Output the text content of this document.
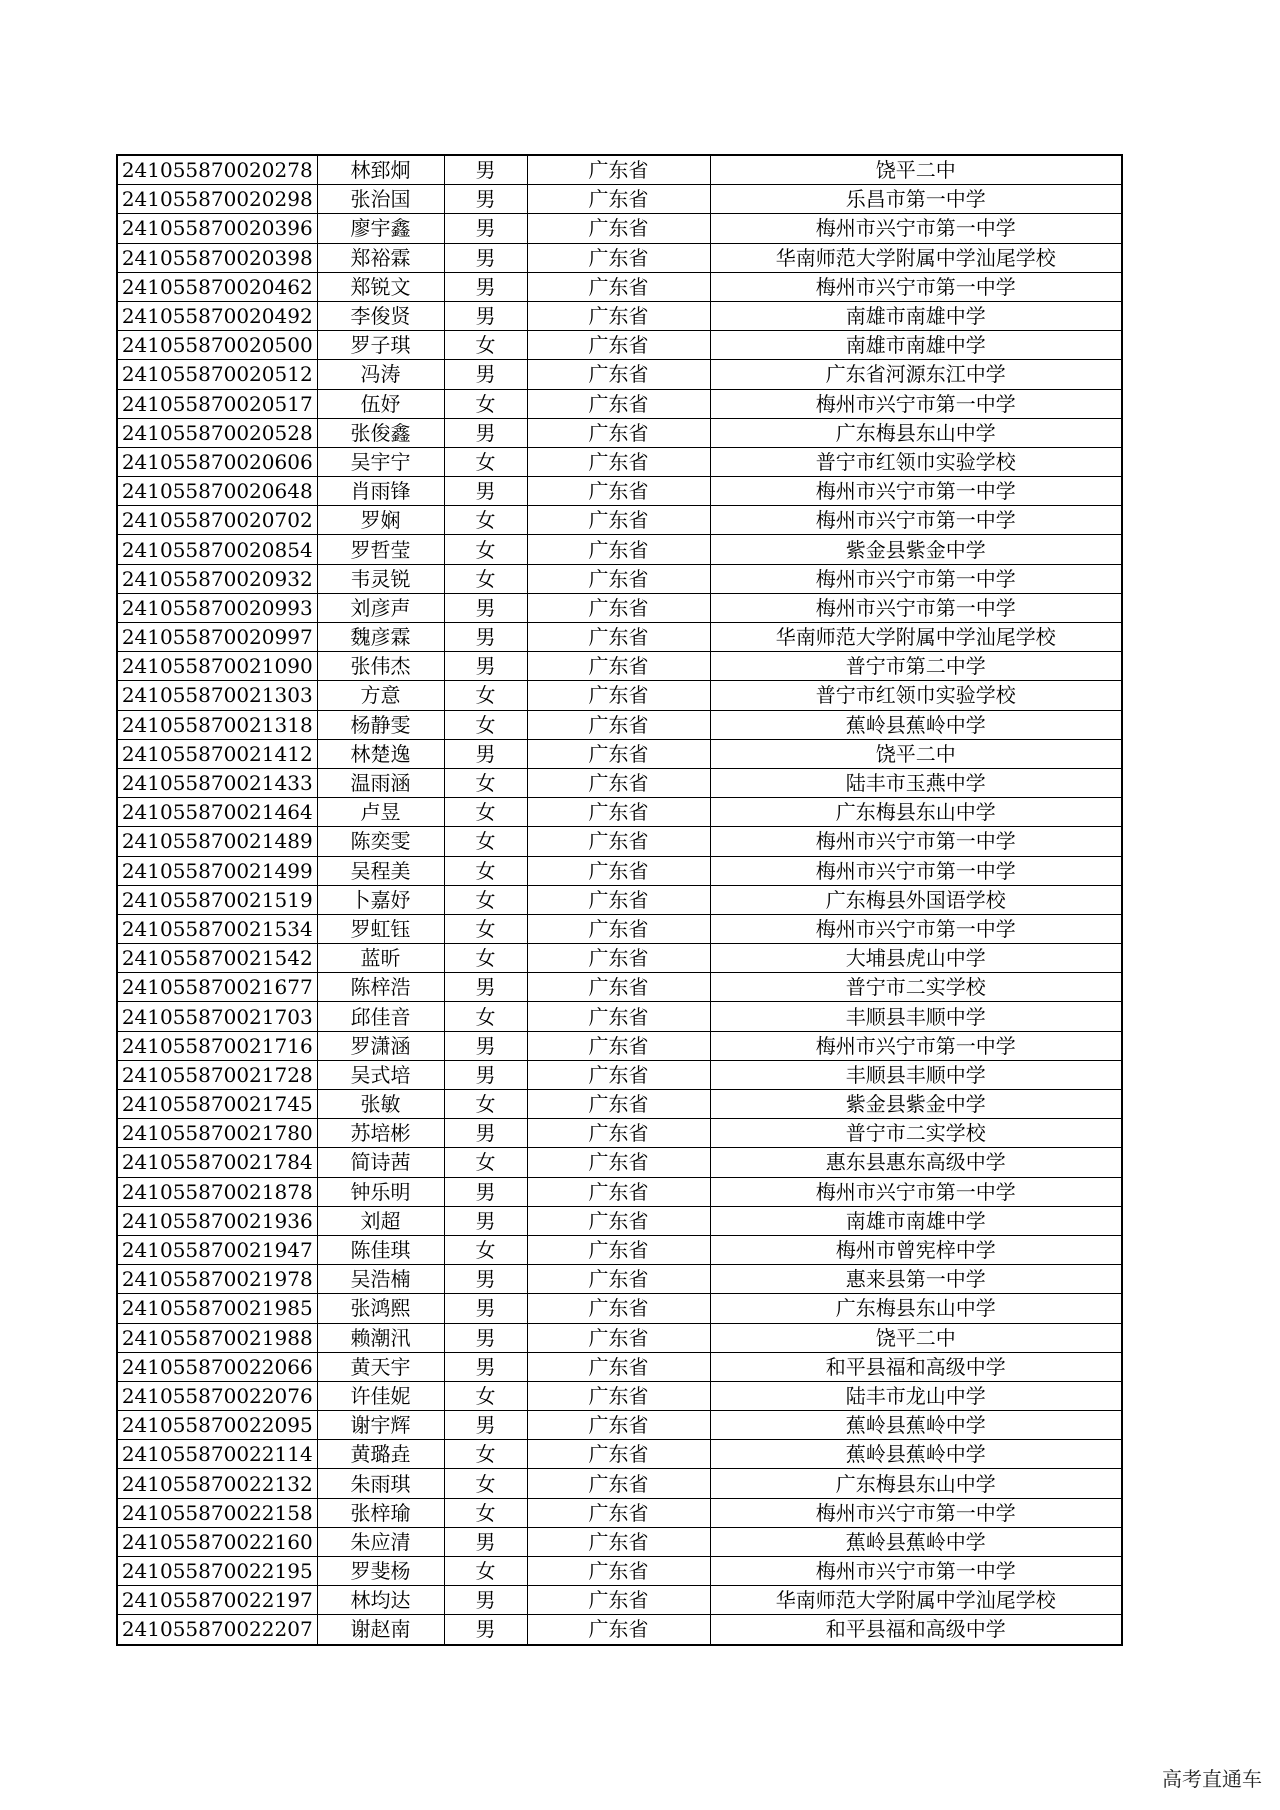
241055870020278	林郅炯	男	广东省	饶平二中
241055870020298	张治国	男	广东省	乐昌市第一中学
241055870020396	廖宇鑫	男	广东省	梅州市兴宁市第一中学
241055870020398	郑裕霖	男	广东省	华南师范大学附属中学汕尾学校
241055870020462	郑锐文	男	广东省	梅州市兴宁市第一中学
241055870020492	李俊贤	男	广东省	南雄市南雄中学
241055870020500	罗子琪	女	广东省	南雄市南雄中学
241055870020512	冯涛	男	广东省	广东省河源东江中学
241055870020517	伍妤	女	广东省	梅州市兴宁市第一中学
241055870020528	张俊鑫	男	广东省	广东梅县东山中学
241055870020606	吴宇宁	女	广东省	普宁市红领巾实验学校
241055870020648	肖雨锋	男	广东省	梅州市兴宁市第一中学
241055870020702	罗娴	女	广东省	梅州市兴宁市第一中学
241055870020854	罗哲莹	女	广东省	紫金县紫金中学
241055870020932	韦灵锐	女	广东省	梅州市兴宁市第一中学
241055870020993	刘彦声	男	广东省	梅州市兴宁市第一中学
241055870020997	魏彦霖	男	广东省	华南师范大学附属中学汕尾学校
241055870021090	张伟杰	男	广东省	普宁市第二中学
241055870021303	方意	女	广东省	普宁市红领巾实验学校
241055870021318	杨静雯	女	广东省	蕉岭县蕉岭中学
241055870021412	林楚逸	男	广东省	饶平二中
241055870021433	温雨涵	女	广东省	陆丰市玉燕中学
241055870021464	卢昱	女	广东省	广东梅县东山中学
241055870021489	陈奕雯	女	广东省	梅州市兴宁市第一中学
241055870021499	吴程美	女	广东省	梅州市兴宁市第一中学
241055870021519	卜嘉妤	女	广东省	广东梅县外国语学校
241055870021534	罗虹钰	女	广东省	梅州市兴宁市第一中学
241055870021542	蓝昕	女	广东省	大埔县虎山中学
241055870021677	陈梓浩	男	广东省	普宁市二实学校
241055870021703	邱佳音	女	广东省	丰顺县丰顺中学
241055870021716	罗潇涵	男	广东省	梅州市兴宁市第一中学
241055870021728	吴式培	男	广东省	丰顺县丰顺中学
241055870021745	张敏	女	广东省	紫金县紫金中学
241055870021780	苏培彬	男	广东省	普宁市二实学校
241055870021784	简诗茜	女	广东省	惠东县惠东高级中学
241055870021878	钟乐明	男	广东省	梅州市兴宁市第一中学
241055870021936	刘超	男	广东省	南雄市南雄中学
241055870021947	陈佳琪	女	广东省	梅州市曾宪梓中学
241055870021978	吴浩楠	男	广东省	惠来县第一中学
241055870021985	张鸿熙	男	广东省	广东梅县东山中学
241055870021988	赖潮汛	男	广东省	饶平二中
241055870022066	黄天宇	男	广东省	和平县福和高级中学
241055870022076	许佳妮	女	广东省	陆丰市龙山中学
241055870022095	谢宇辉	男	广东省	蕉岭县蕉岭中学
241055870022114	黄璐垚	女	广东省	蕉岭县蕉岭中学
241055870022132	朱雨琪	女	广东省	广东梅县东山中学
241055870022158	张梓瑜	女	广东省	梅州市兴宁市第一中学
241055870022160	朱应清	男	广东省	蕉岭县蕉岭中学
241055870022195	罗斐杨	女	广东省	梅州市兴宁市第一中学
241055870022197	林均达	男	广东省	华南师范大学附属中学汕尾学校
241055870022207	谢赵南	男	广东省	和平县福和高级中学
高考直通车
